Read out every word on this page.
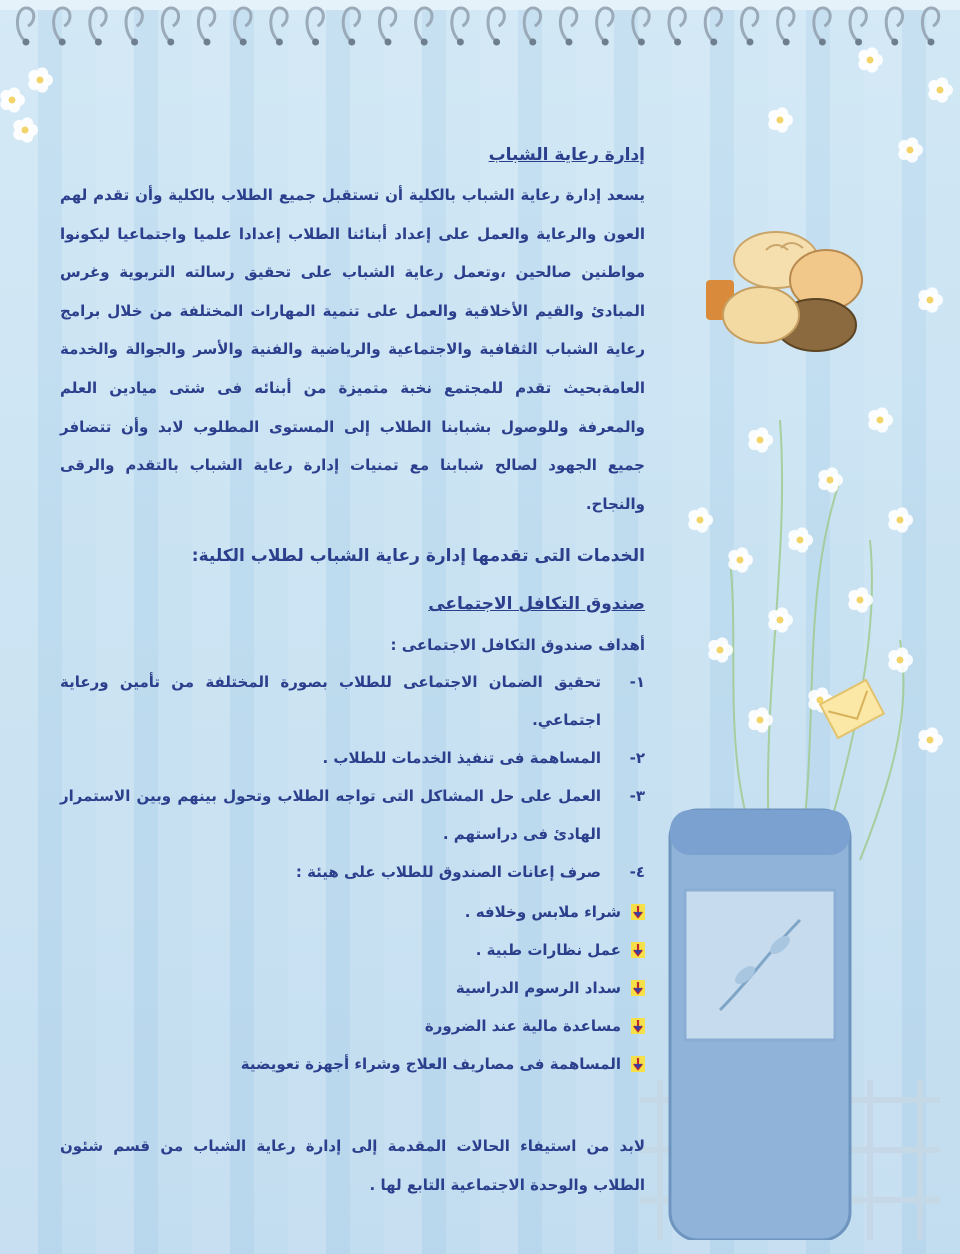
إدارة رعاية الشباب

يسعد إدارة رعاية الشباب بالكلية أن تستقبل جميع الطلاب بالكلية وأن تقدم لهم العون والرعاية والعمل على إعداد أبنائنا الطلاب إعدادا علميا واجتماعيا ليكونوا مواطنين صالحين ،وتعمل رعاية الشباب على تحقيق رسالته التربوية وغرس المبادئ والقيم الأخلاقية والعمل على تنمية المهارات المختلفة من خلال برامج رعاية الشباب الثقافية والاجتماعية والرياضية والفنية والأسر والجوالة والخدمة العامةبحيث تقدم للمجتمع نخبة متميزة من أبنائه فى شتى ميادين العلم والمعرفة وللوصول بشبابنا الطلاب إلى المستوى المطلوب لابد وأن تتضافر جميع الجهود لصالح شبابنا مع تمنيات إدارة رعاية الشباب بالتقدم والرقى والنجاح.

الخدمات التى تقدمها إدارة رعاية الشباب لطلاب الكلية:
صندوق التكافل الاجتماعى
أهداف صندوق التكافل الاجتماعى :
١-
تحقيق الضمان الاجتماعى للطلاب بصورة المختلفة من تأمين ورعاية اجتماعي.
٢-
المساهمة فى تنفيذ الخدمات للطلاب .
٣-
العمل على حل المشاكل التى تواجه الطلاب وتحول بينهم وبين الاستمرار الهادئ فى دراستهم .
٤-
صرف إعانات الصندوق للطلاب على هيئة :
شراء ملابس وخلافه .
عمل نظارات طبية .
سداد الرسوم الدراسية
مساعدة مالية عند الضرورة
المساهمة فى مصاريف العلاج وشراء أجهزة تعويضية

لابد من استيفاء الحالات المقدمة إلى إدارة رعاية الشباب من قسم شئون الطلاب والوحدة الاجتماعية التابع لها .
